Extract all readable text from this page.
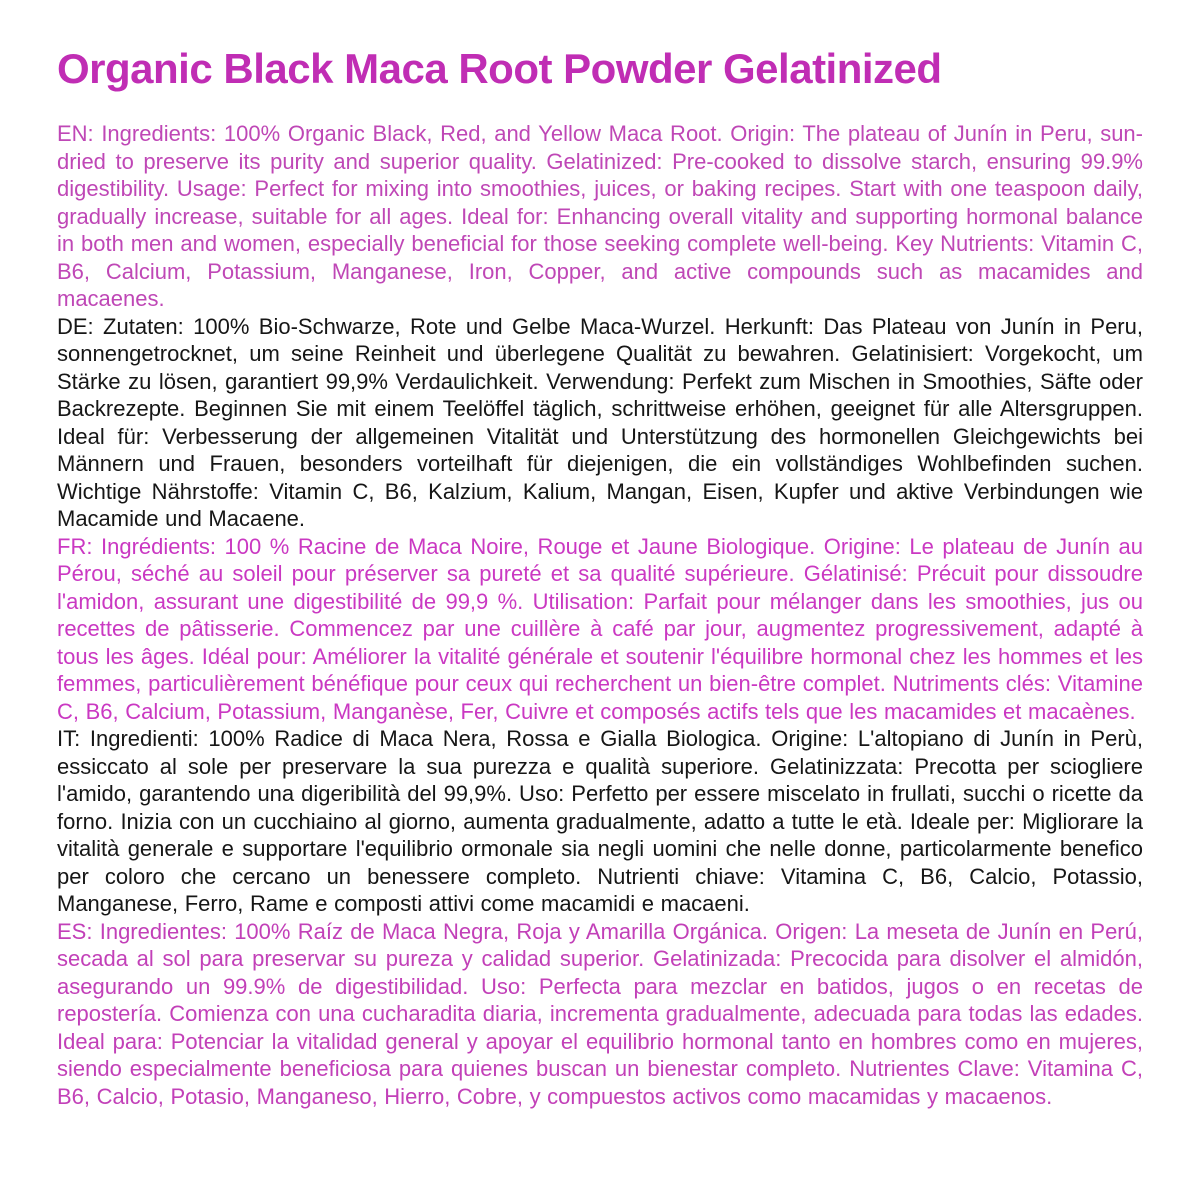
Organic Black Maca Root Powder Gelatinized

EN: Ingredients: 100% Organic Black, Red, and Yellow Maca Root. Origin: The plateau of Junín in Peru, sun-dried to preserve its purity and superior quality. Gelatinized: Pre-cooked to dissolve starch, ensuring 99.9% digestibility. Usage: Perfect for mixing into smoothies, juices, or baking recipes. Start with one teaspoon daily, gradually increase, suitable for all ages. Ideal for: Enhancing overall vitality and supporting hormonal balance in both men and women, especially beneficial for those seeking complete well-being. Key Nutrients: Vitamin C, B6, Calcium, Potassium, Manganese, Iron, Copper, and active compounds such as macamides and macaenes.

DE: Zutaten: 100% Bio-Schwarze, Rote und Gelbe Maca-Wurzel. Herkunft: Das Plateau von Junín in Peru, sonnengetrocknet, um seine Reinheit und überlegene Qualität zu bewahren. Gelatinisiert: Vorgekocht, um Stärke zu lösen, garantiert 99,9% Verdaulichkeit. Verwendung: Perfekt zum Mischen in Smoothies, Säfte oder Backrezepte. Beginnen Sie mit einem Teelöffel täglich, schrittweise erhöhen, geeignet für alle Altersgruppen. Ideal für: Verbesserung der allgemeinen Vitalität und Unterstützung des hormonellen Gleichgewichts bei Männern und Frauen, besonders vorteilhaft für diejenigen, die ein vollständiges Wohlbefinden suchen. Wichtige Nährstoffe: Vitamin C, B6, Kalzium, Kalium, Mangan, Eisen, Kupfer und aktive Verbindungen wie Macamide und Macaene.

FR: Ingrédients: 100 % Racine de Maca Noire, Rouge et Jaune Biologique. Origine: Le plateau de Junín au Pérou, séché au soleil pour préserver sa pureté et sa qualité supérieure. Gélatinisé: Précuit pour dissoudre l'amidon, assurant une digestibilité de 99,9 %. Utilisation: Parfait pour mélanger dans les smoothies, jus ou recettes de pâtisserie. Commencez par une cuillère à café par jour, augmentez progressivement, adapté à tous les âges. Idéal pour: Améliorer la vitalité générale et soutenir l'équilibre hormonal chez les hommes et les femmes, particulièrement bénéfique pour ceux qui recherchent un bien-être complet. Nutriments clés: Vitamine C, B6, Calcium, Potassium, Manganèse, Fer, Cuivre et composés actifs tels que les macamides et macaènes.

IT: Ingredienti: 100% Radice di Maca Nera, Rossa e Gialla Biologica. Origine: L'altopiano di Junín in Perù, essiccato al sole per preservare la sua purezza e qualità superiore. Gelatinizzata: Precotta per sciogliere l'amido, garantendo una digeribilità del 99,9%. Uso: Perfetto per essere miscelato in frullati, succhi o ricette da forno. Inizia con un cucchiaino al giorno, aumenta gradualmente, adatto a tutte le età. Ideale per: Migliorare la vitalità generale e supportare l'equilibrio ormonale sia negli uomini che nelle donne, particolarmente benefico per coloro che cercano un benessere completo. Nutrienti chiave: Vitamina C, B6, Calcio, Potassio, Manganese, Ferro, Rame e composti attivi come macamidi e macaeni.

ES: Ingredientes: 100% Raíz de Maca Negra, Roja y Amarilla Orgánica. Origen: La meseta de Junín en Perú, secada al sol para preservar su pureza y calidad superior. Gelatinizada: Precocida para disolver el almidón, asegurando un 99.9% de digestibilidad. Uso: Perfecta para mezclar en batidos, jugos o en recetas de repostería. Comienza con una cucharadita diaria, incrementa gradualmente, adecuada para todas las edades. Ideal para: Potenciar la vitalidad general y apoyar el equilibrio hormonal tanto en hombres como en mujeres, siendo especialmente beneficiosa para quienes buscan un bienestar completo. Nutrientes Clave: Vitamina C, B6, Calcio, Potasio, Manganeso, Hierro, Cobre, y compuestos activos como macamidas y macaenos.
